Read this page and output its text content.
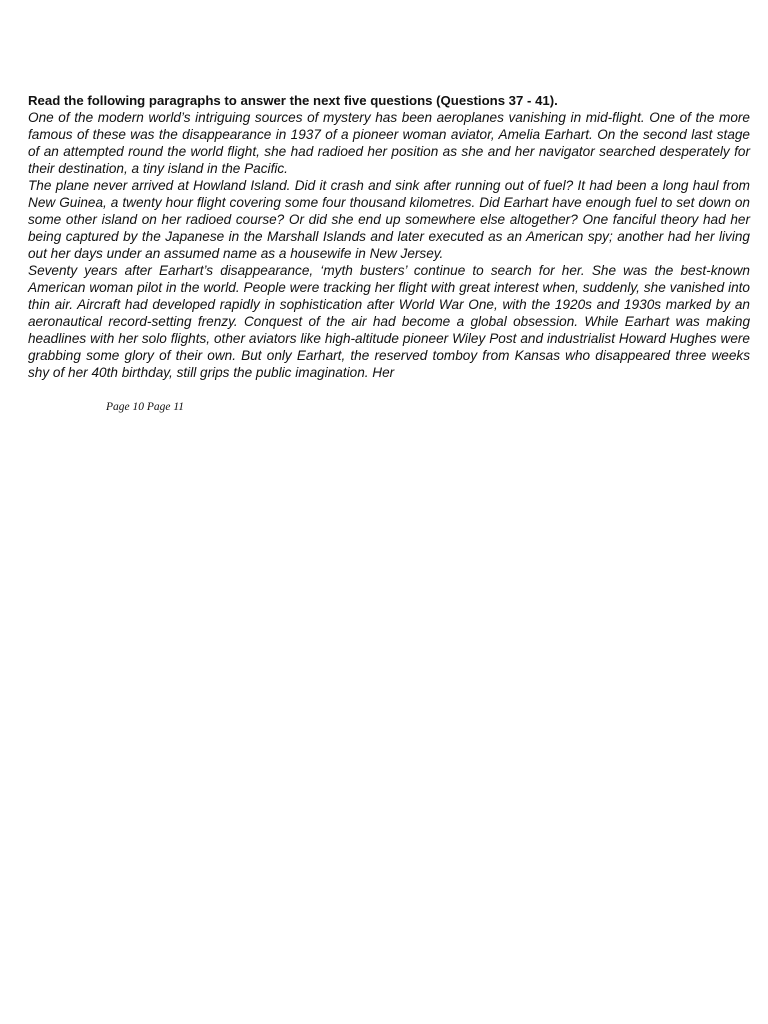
Read the following paragraphs to answer the next five questions (Questions 37 - 41).

One of the modern world’s intriguing sources of mystery has been aeroplanes vanishing in mid-flight. One of the more famous of these was the disappearance in 1937 of a pioneer woman aviator, Amelia Earhart. On the second last stage of an attempted round the world flight, she had radioed her position as she and her navigator searched desperately for their destination, a tiny island in the Pacific.

The plane never arrived at Howland Island. Did it crash and sink after running out of fuel? It had been a long haul from New Guinea, a twenty hour flight covering some four thousand kilometres. Did Earhart have enough fuel to set down on some other island on her radioed course? Or did she end up somewhere else altogether? One fanciful theory had her being captured by the Japanese in the Marshall Islands and later executed as an American spy; another had her living out her days under an assumed name as a housewife in New Jersey.

Seventy years after Earhart’s disappearance, ‘myth busters’ continue to search for her. She was the best-known American woman pilot in the world. People were tracking her flight with great interest when, suddenly, she vanished into thin air. Aircraft had developed rapidly in sophistication after World War One, with the 1920s and 1930s marked by an aeronautical record-setting frenzy. Conquest of the air had become a global obsession. While Earhart was making headlines with her solo flights, other aviators like high-altitude pioneer Wiley Post and industrialist Howard Hughes were grabbing some glory of their own. But only Earhart, the reserved tomboy from Kansas who disappeared three weeks shy of her 40th birthday, still grips the public imagination. Her

Page 10 Page 11
